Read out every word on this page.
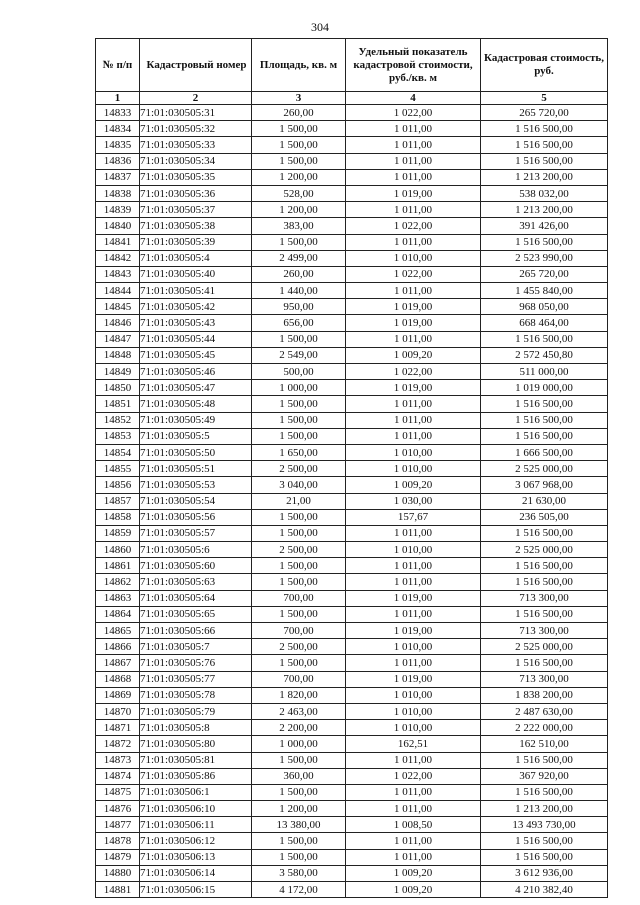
304
№ п/п	Кадастровый номер	Площадь, кв. м	Удельный показатель кадастровой стоимости, руб./кв. м	Кадастровая стоимость, руб.
1	2	3	4	5
14833	71:01:030505:31	260,00	1 022,00	265 720,00
14834	71:01:030505:32	1 500,00	1 011,00	1 516 500,00
14835	71:01:030505:33	1 500,00	1 011,00	1 516 500,00
14836	71:01:030505:34	1 500,00	1 011,00	1 516 500,00
14837	71:01:030505:35	1 200,00	1 011,00	1 213 200,00
14838	71:01:030505:36	528,00	1 019,00	538 032,00
14839	71:01:030505:37	1 200,00	1 011,00	1 213 200,00
14840	71:01:030505:38	383,00	1 022,00	391 426,00
14841	71:01:030505:39	1 500,00	1 011,00	1 516 500,00
14842	71:01:030505:4	2 499,00	1 010,00	2 523 990,00
14843	71:01:030505:40	260,00	1 022,00	265 720,00
14844	71:01:030505:41	1 440,00	1 011,00	1 455 840,00
14845	71:01:030505:42	950,00	1 019,00	968 050,00
14846	71:01:030505:43	656,00	1 019,00	668 464,00
14847	71:01:030505:44	1 500,00	1 011,00	1 516 500,00
14848	71:01:030505:45	2 549,00	1 009,20	2 572 450,80
14849	71:01:030505:46	500,00	1 022,00	511 000,00
14850	71:01:030505:47	1 000,00	1 019,00	1 019 000,00
14851	71:01:030505:48	1 500,00	1 011,00	1 516 500,00
14852	71:01:030505:49	1 500,00	1 011,00	1 516 500,00
14853	71:01:030505:5	1 500,00	1 011,00	1 516 500,00
14854	71:01:030505:50	1 650,00	1 010,00	1 666 500,00
14855	71:01:030505:51	2 500,00	1 010,00	2 525 000,00
14856	71:01:030505:53	3 040,00	1 009,20	3 067 968,00
14857	71:01:030505:54	21,00	1 030,00	21 630,00
14858	71:01:030505:56	1 500,00	157,67	236 505,00
14859	71:01:030505:57	1 500,00	1 011,00	1 516 500,00
14860	71:01:030505:6	2 500,00	1 010,00	2 525 000,00
14861	71:01:030505:60	1 500,00	1 011,00	1 516 500,00
14862	71:01:030505:63	1 500,00	1 011,00	1 516 500,00
14863	71:01:030505:64	700,00	1 019,00	713 300,00
14864	71:01:030505:65	1 500,00	1 011,00	1 516 500,00
14865	71:01:030505:66	700,00	1 019,00	713 300,00
14866	71:01:030505:7	2 500,00	1 010,00	2 525 000,00
14867	71:01:030505:76	1 500,00	1 011,00	1 516 500,00
14868	71:01:030505:77	700,00	1 019,00	713 300,00
14869	71:01:030505:78	1 820,00	1 010,00	1 838 200,00
14870	71:01:030505:79	2 463,00	1 010,00	2 487 630,00
14871	71:01:030505:8	2 200,00	1 010,00	2 222 000,00
14872	71:01:030505:80	1 000,00	162,51	162 510,00
14873	71:01:030505:81	1 500,00	1 011,00	1 516 500,00
14874	71:01:030505:86	360,00	1 022,00	367 920,00
14875	71:01:030506:1	1 500,00	1 011,00	1 516 500,00
14876	71:01:030506:10	1 200,00	1 011,00	1 213 200,00
14877	71:01:030506:11	13 380,00	1 008,50	13 493 730,00
14878	71:01:030506:12	1 500,00	1 011,00	1 516 500,00
14879	71:01:030506:13	1 500,00	1 011,00	1 516 500,00
14880	71:01:030506:14	3 580,00	1 009,20	3 612 936,00
14881	71:01:030506:15	4 172,00	1 009,20	4 210 382,40
